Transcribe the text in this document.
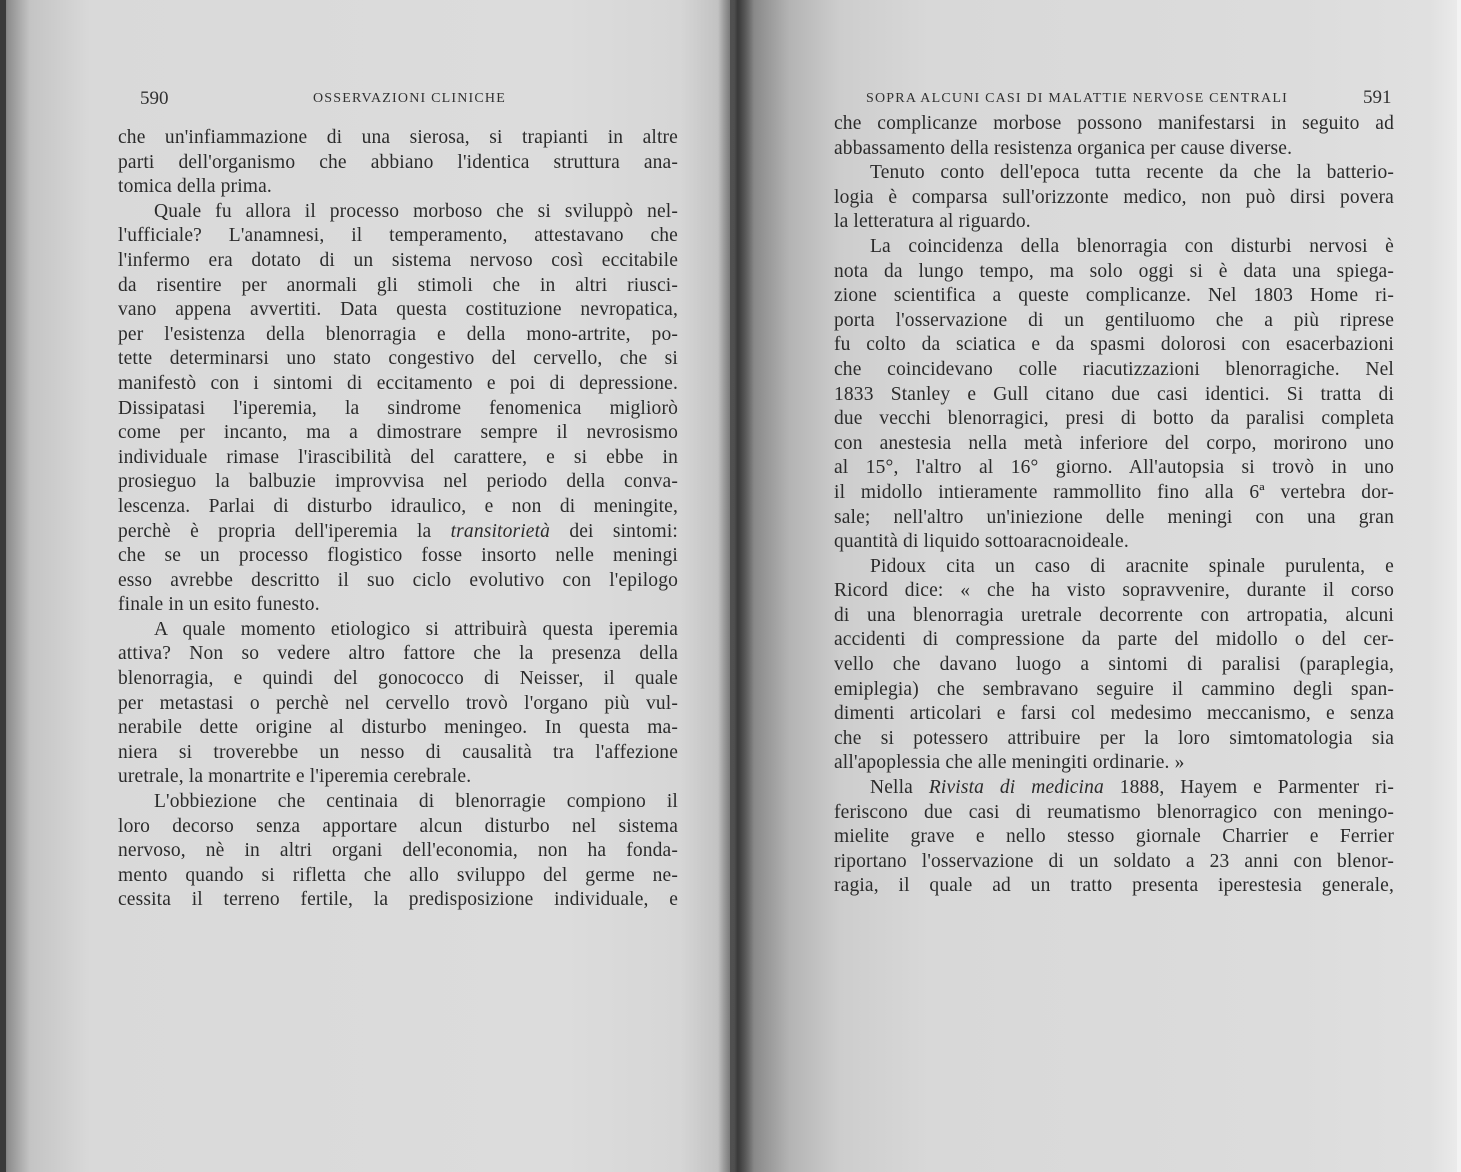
590	OSSERVAZIONI CLINICHE
che un'infiammazione di una sierosa, si trapianti in altre
parti dell'organismo che abbiano l'identica struttura ana-
tomica della prima.
Quale fu allora il processo morboso che si sviluppò nel-
l'ufficiale? L'anamnesi, il temperamento, attestavano che
l'infermo era dotato di un sistema nervoso così eccitabile
da risentire per anormali gli stimoli che in altri riusci-
vano appena avvertiti. Data questa costituzione nevropatica,
per l'esistenza della blenorragia e della mono-artrite, po-
tette determinarsi uno stato congestivo del cervello, che si
manifestò con i sintomi di eccitamento e poi di depressione.
Dissipatasi l'iperemia, la sindrome fenomenica migliorò
come per incanto, ma a dimostrare sempre il nevrosismo
individuale rimase l'irascibilità del carattere, e si ebbe in
prosieguo la balbuzie improvvisa nel periodo della conva-
lescenza. Parlai di disturbo idraulico, e non di meningite,
perchè è propria dell'iperemia la transitorietà dei sintomi:
che se un processo flogistico fosse insorto nelle meningi
esso avrebbe descritto il suo ciclo evolutivo con l'epilogo
finale in un esito funesto.
A quale momento etiologico si attribuirà questa iperemia
attiva? Non so vedere altro fattore che la presenza della
blenorragia, e quindi del gonococco di Neisser, il quale
per metastasi o perchè nel cervello trovò l'organo più vul-
nerabile dette origine al disturbo meningeo. In questa ma-
niera si troverebbe un nesso di causalità tra l'affezione
uretrale, la monartrite e l'iperemia cerebrale.
L'obbiezione che centinaia di blenorragie compiono il
loro decorso senza apportare alcun disturbo nel sistema
nervoso, nè in altri organi dell'economia, non ha fonda-
mento quando si rifletta che allo sviluppo del germe ne-
cessita il terreno fertile, la predisposizione individuale, e
SOPRA ALCUNI CASI DI MALATTIE NERVOSE CENTRALI	591
che complicanze morbose possono manifestarsi in seguito ad
abbassamento della resistenza organica per cause diverse.
Tenuto conto dell'epoca tutta recente da che la batterio-
logia è comparsa sull'orizzonte medico, non può dirsi povera
la letteratura al riguardo.
La coincidenza della blenorragia con disturbi nervosi è
nota da lungo tempo, ma solo oggi si è data una spiega-
zione scientifica a queste complicanze. Nel 1803 Home ri-
porta l'osservazione di un gentiluomo che a più riprese
fu colto da sciatica e da spasmi dolorosi con esacerbazioni
che coincidevano colle riacutizzazioni blenorragiche. Nel
1833 Stanley e Gull citano due casi identici. Si tratta di
due vecchi blenorragici, presi di botto da paralisi completa
con anestesia nella metà inferiore del corpo, morirono uno
al 15°, l'altro al 16° giorno. All'autopsia si trovò in uno
il midollo intieramente rammollito fino alla 6ª vertebra dor-
sale; nell'altro un'iniezione delle meningi con una gran
quantità di liquido sottoaracnoideale.
Pidoux cita un caso di aracnite spinale purulenta, e
Ricord dice: « che ha visto sopravvenire, durante il corso
di una blenorragia uretrale decorrente con artropatia, alcuni
accidenti di compressione da parte del midollo o del cer-
vello che davano luogo a sintomi di paralisi (paraplegia,
emiplegia) che sembravano seguire il cammino degli span-
dimenti articolari e farsi col medesimo meccanismo, e senza
che si potessero attribuire per la loro simtomatologia sia
all'apoplessia che alle meningiti ordinarie. »
Nella Rivista di medicina 1888, Hayem e Parmenter ri-
feriscono due casi di reumatismo blenorragico con meningo-
mielite grave e nello stesso giornale Charrier e Ferrier
riportano l'osservazione di un soldato a 23 anni con blenor-
ragia, il quale ad un tratto presenta iperestesia generale,
